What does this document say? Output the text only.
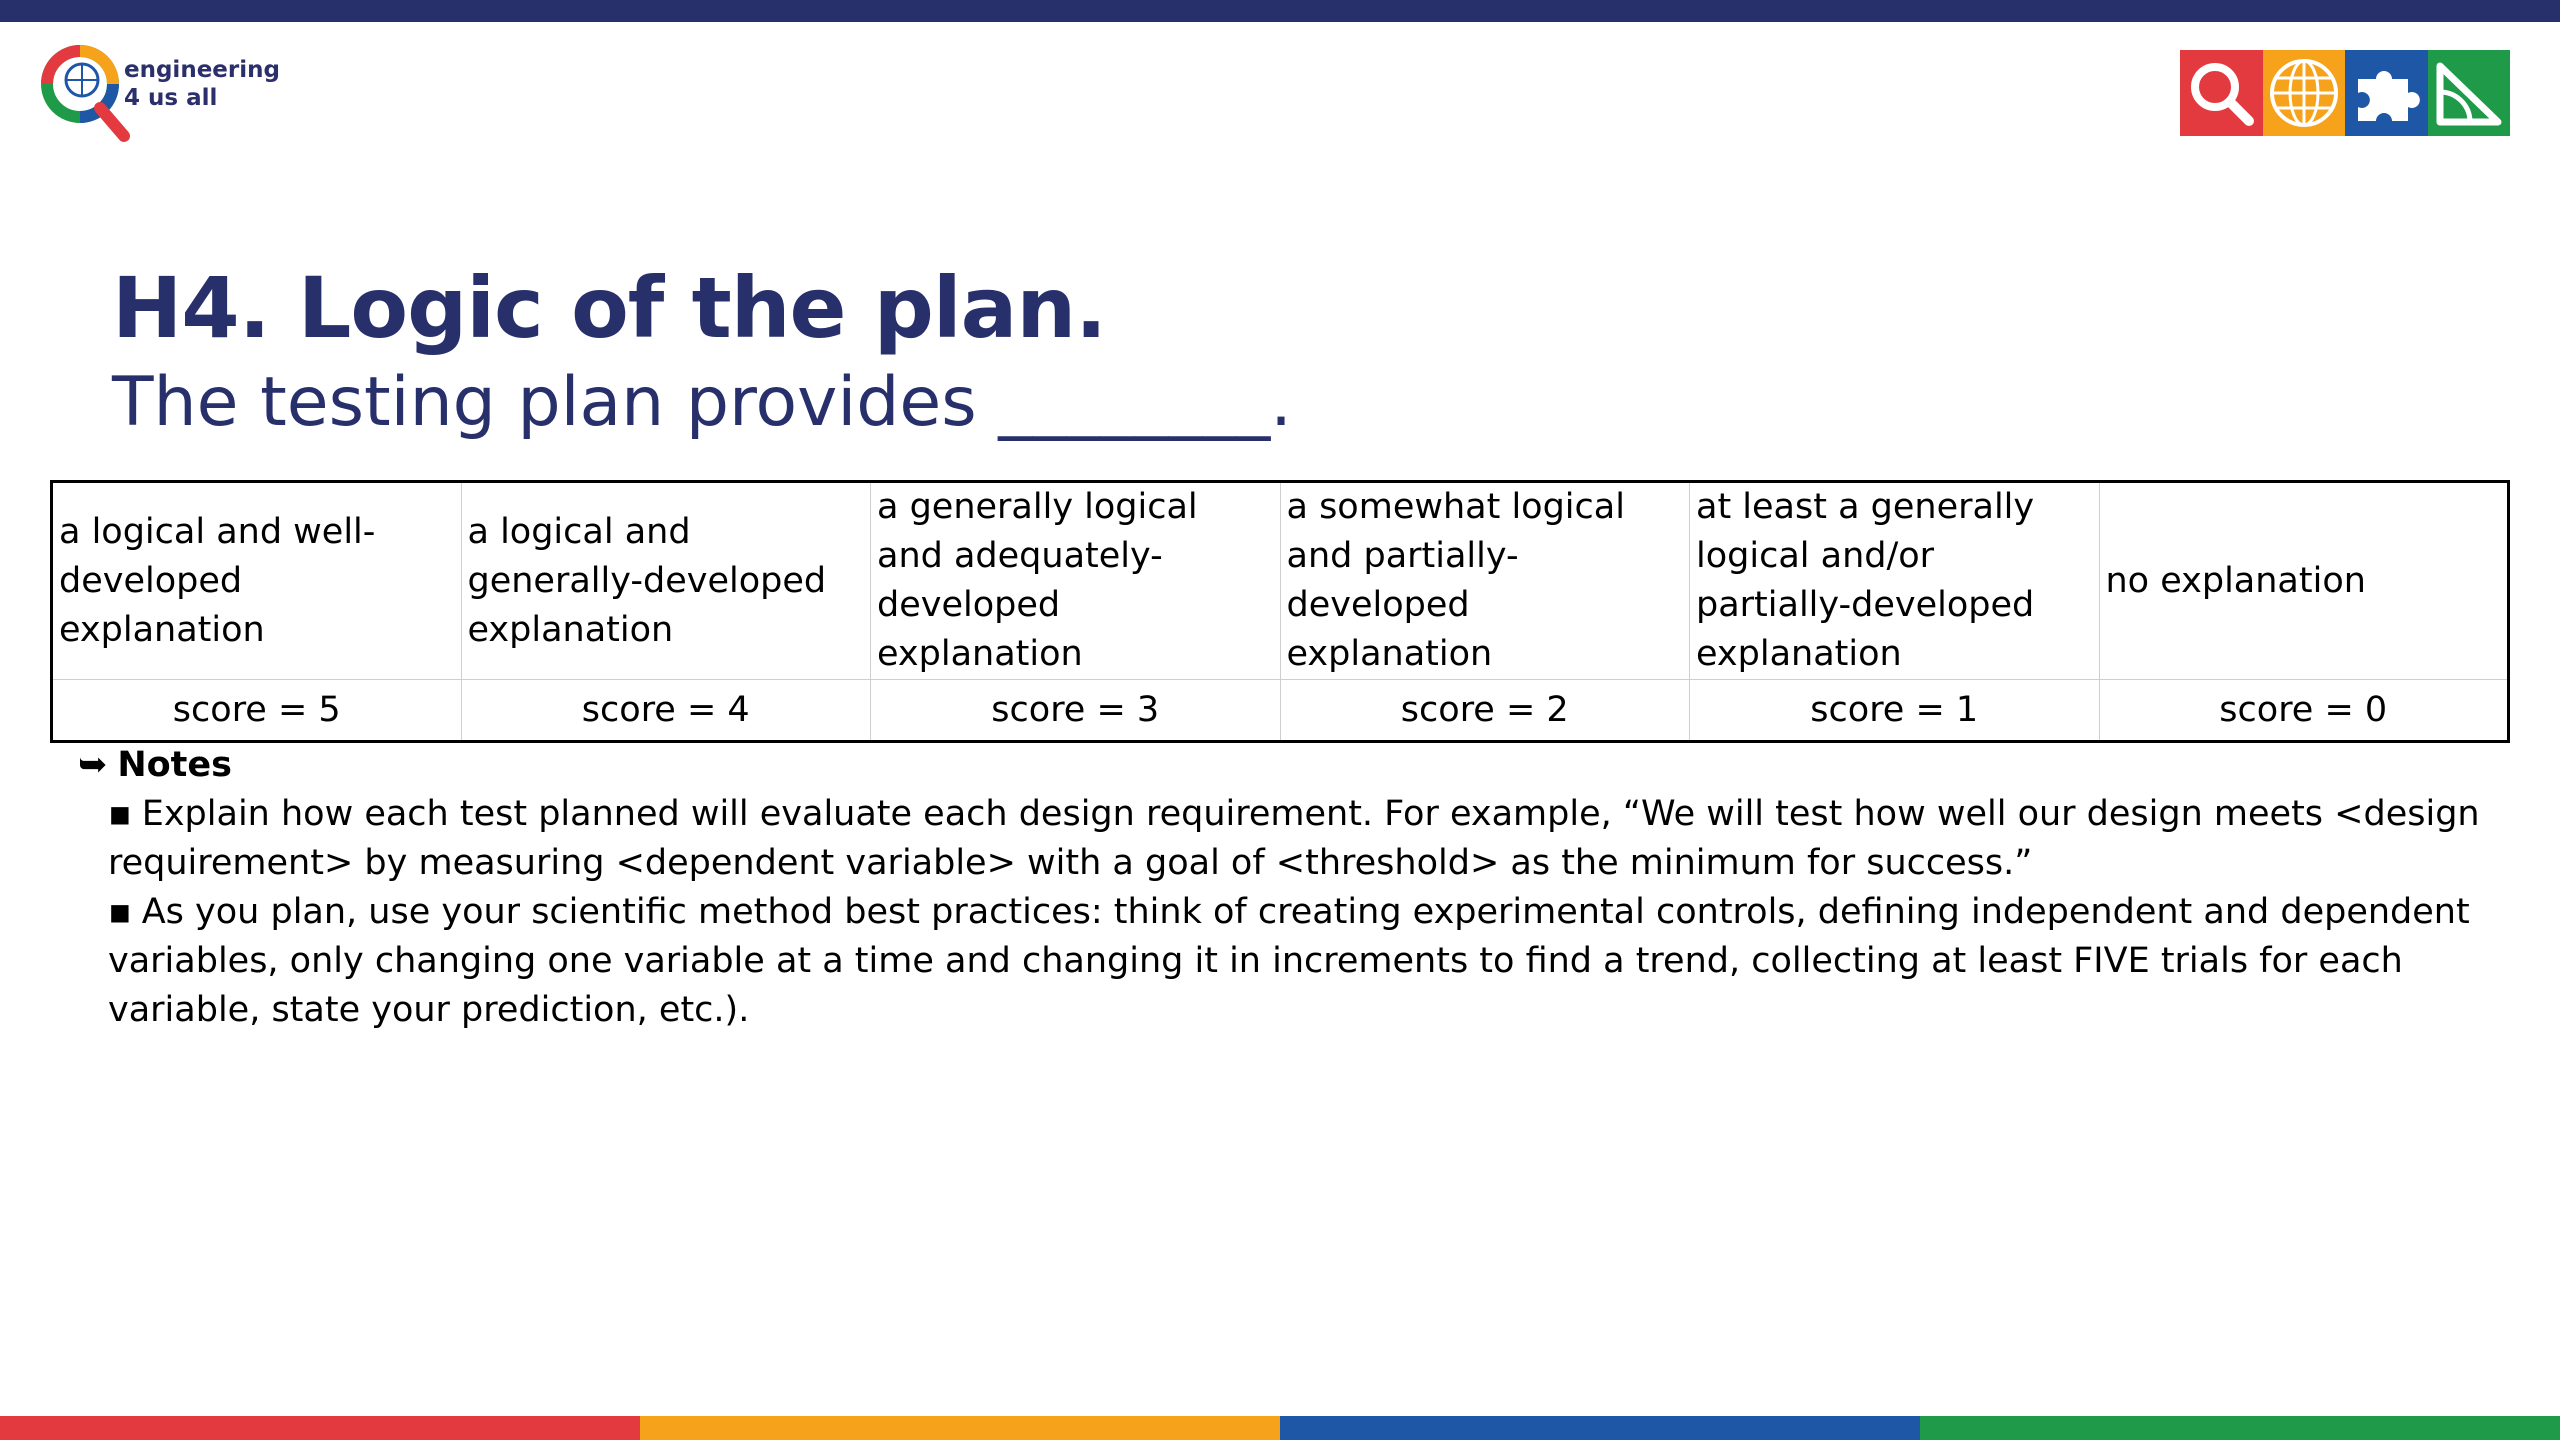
engineering
4 us all
H4. Logic of the plan.
The testing plan provides ________.
a logical and well-developed explanation	a logical and generally-developed explanation	a generally logical and adequately-developed explanation	a somewhat logical and partially-developed explanation	at least a generally logical and/or partially-developed explanation	no explanation
score = 5	score = 4	score = 3	score = 2	score = 1	score = 0
➥ Notes
▪ Explain how each test planned will evaluate each design requirement. For example, “We will test how well our design meets <design requirement> by measuring <dependent variable> with a goal of <threshold> as the minimum for success.”
▪ As you plan, use your scientific method best practices: think of creating experimental controls, defining independent and dependent variables, only changing one variable at a time and changing it in increments to find a trend, collecting at least FIVE trials for each variable, state your prediction, etc.).
